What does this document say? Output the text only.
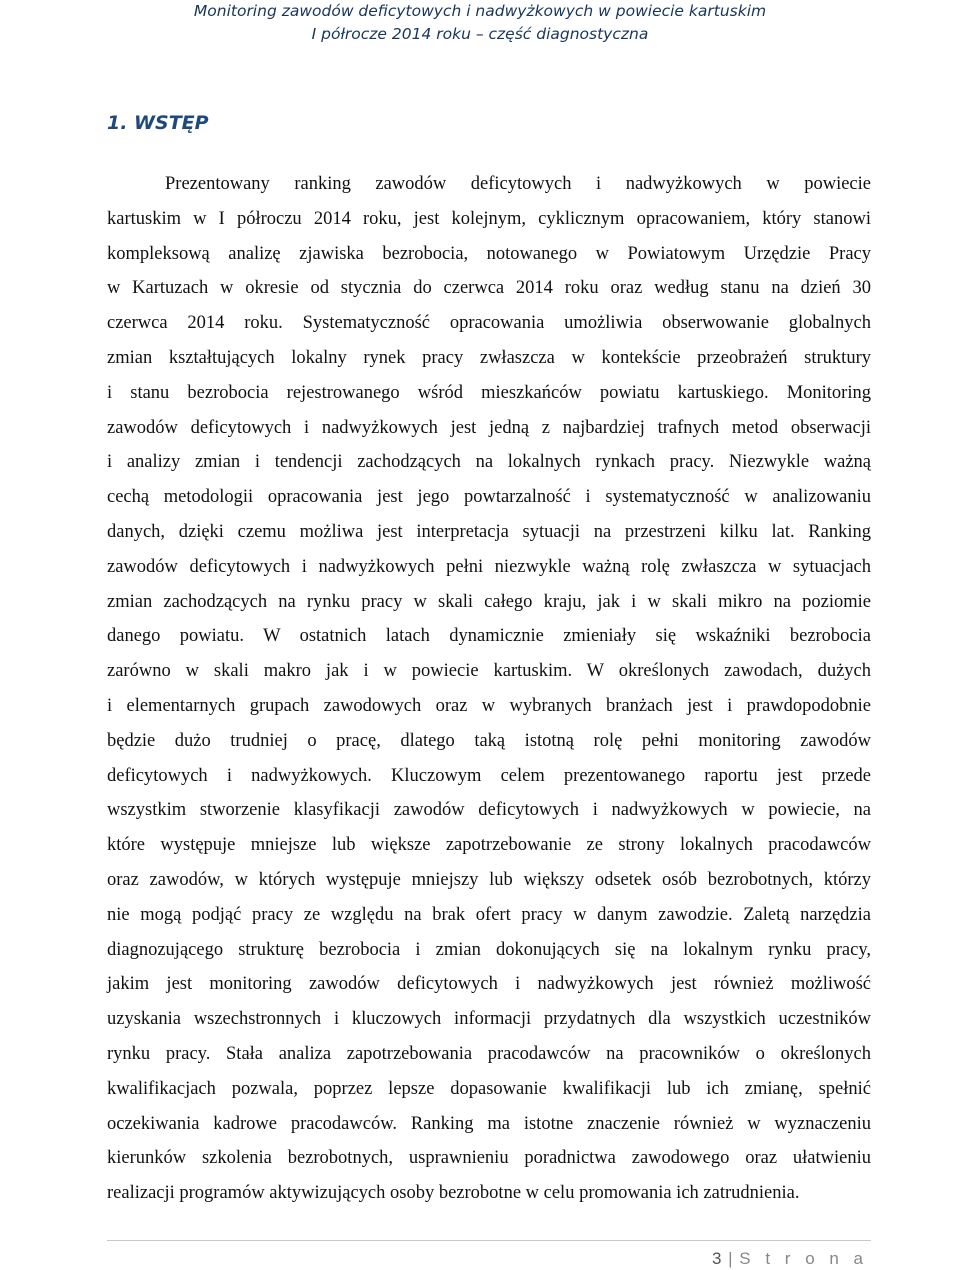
Monitoring zawodów deficytowych i nadwyżkowych w powiecie kartuskim
I półrocze 2014 roku – część diagnostyczna
1. WSTĘP
Prezentowany ranking zawodów deficytowych i nadwyżkowych w powiecie
kartuskim w I półroczu 2014 roku, jest kolejnym, cyklicznym opracowaniem, który stanowi
kompleksową analizę zjawiska bezrobocia, notowanego w Powiatowym Urzędzie Pracy
w Kartuzach w okresie od stycznia do czerwca 2014 roku oraz według stanu na dzień 30
czerwca 2014 roku. Systematyczność opracowania umożliwia obserwowanie globalnych
zmian kształtujących lokalny rynek pracy zwłaszcza w kontekście przeobrażeń struktury
i stanu bezrobocia rejestrowanego wśród mieszkańców powiatu kartuskiego. Monitoring
zawodów deficytowych i nadwyżkowych jest jedną z najbardziej trafnych metod obserwacji
i analizy zmian i tendencji zachodzących na lokalnych rynkach pracy. Niezwykle ważną
cechą metodologii opracowania jest jego powtarzalność i systematyczność w analizowaniu
danych, dzięki czemu możliwa jest interpretacja sytuacji na przestrzeni kilku lat. Ranking
zawodów deficytowych i nadwyżkowych pełni niezwykle ważną rolę zwłaszcza w sytuacjach
zmian zachodzących na rynku pracy w skali całego kraju, jak i w skali mikro na poziomie
danego powiatu. W ostatnich latach dynamicznie zmieniały się wskaźniki bezrobocia
zarówno w skali makro jak i w powiecie kartuskim. W określonych zawodach, dużych
i elementarnych grupach zawodowych oraz w wybranych branżach jest i prawdopodobnie
będzie dużo trudniej o pracę, dlatego taką istotną rolę pełni monitoring zawodów
deficytowych i nadwyżkowych. Kluczowym celem prezentowanego raportu jest przede
wszystkim stworzenie klasyfikacji zawodów deficytowych i nadwyżkowych w powiecie, na
które występuje mniejsze lub większe zapotrzebowanie ze strony lokalnych pracodawców
oraz zawodów, w których występuje mniejszy lub większy odsetek osób bezrobotnych, którzy
nie mogą podjąć pracy ze względu na brak ofert pracy w danym zawodzie. Zaletą narzędzia
diagnozującego strukturę bezrobocia i zmian dokonujących się na lokalnym rynku pracy,
jakim jest monitoring zawodów deficytowych i nadwyżkowych jest również możliwość
uzyskania wszechstronnych i kluczowych informacji przydatnych dla wszystkich uczestników
rynku pracy. Stała analiza zapotrzebowania pracodawców na pracowników o określonych
kwalifikacjach pozwala, poprzez lepsze dopasowanie kwalifikacji lub ich zmianę, spełnić
oczekiwania kadrowe pracodawców. Ranking ma istotne znaczenie również w wyznaczeniu
kierunków szkolenia bezrobotnych, usprawnieniu poradnictwa zawodowego oraz ułatwieniu
realizacji programów aktywizujących osoby bezrobotne w celu promowania ich zatrudnienia.
3 | S t r o n a
